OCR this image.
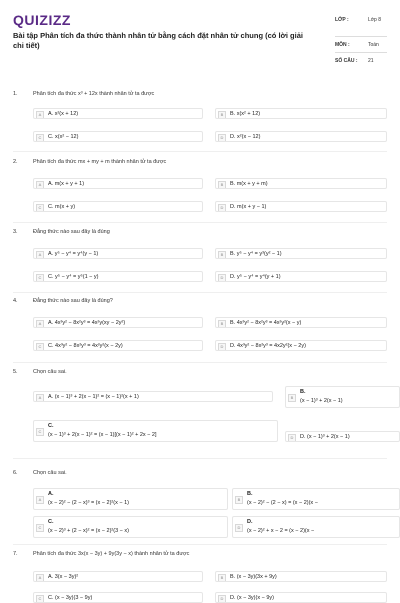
QUIZIZZ
Bài tập Phân tích đa thức thành nhân tử bằng cách đặt nhân tử chung (có lời giải chi tiết)
LỚP :	Lớp 8
MÔN :	Toán
SỐ CÂU : 21
1.	Phân tích đa thức x³ + 12x thành nhân tử ta được
A	A. x²(x + 12)	B	B. x(x² + 12)
C	C. x(x² − 12)	D	D. x²(x − 12)
2.	Phân tích đa thức mx + my + m thành nhân tử ta được
A	A. m(x + y + 1)	B	B. m(x + y + m)
C	C. m(x + y)	D	D. m(x + y − 1)
3.	Đẳng thức nào sau đây là đúng
A	A. y⁵ − y⁴ = y⁴(y − 1)	B	B. y⁵ − y⁴ = y³(y² − 1)
C	C. y⁵ − y⁴ = y⁵(1 − y)	D	D. y⁵ − y⁴ = y⁴(y + 1)
4.	Đẳng thức nào sau đây là đúng?
A	A. 4x³y² − 8x²y³ = 4x²y(xy − 2y²)	B	B. 4x³y² − 8x²y³ = 4x²y²(x − y)
C	C. 4x³y² − 8x²y³ = 4x²y²(x − 2y)	D	D. 4x³y² − 8x²y³ = 4x2y²(x − 2y)
5.	Chọn câu sai.
A	A. (x − 1)³ + 2(x − 1)² = (x − 1)²(x + 1)	B
B.
(x − 1)³ + 2(x − 1)
C
C.
(x − 1)³ + 2(x − 1)² = (x − 1)[(x − 1)² + 2x − 2]	D	D. (x − 1)³ + 2(x − 1)
6.	Chọn câu sai.
A
A.
(x − 2)² − (2 − x)³ = (x − 2)²(x − 1)
B
B.
(x − 2)² − (2 − x) = (x − 2)(x −
C
C.
(x − 2)³ + (2 − x)² = (x − 2)²(3 − x)
D
D.
(x − 2)² + x − 2 = (x − 2)(x −
7.	Phân tích đa thức 3x(x − 3y) + 9y(3y − x) thành nhân tử ta được
A	A. 3(x − 3y)²	B	B. (x − 3y)(3x + 9y)
C	C. (x − 3y)(3 − 9y)	D	D. (x − 3y)(x − 9y)
